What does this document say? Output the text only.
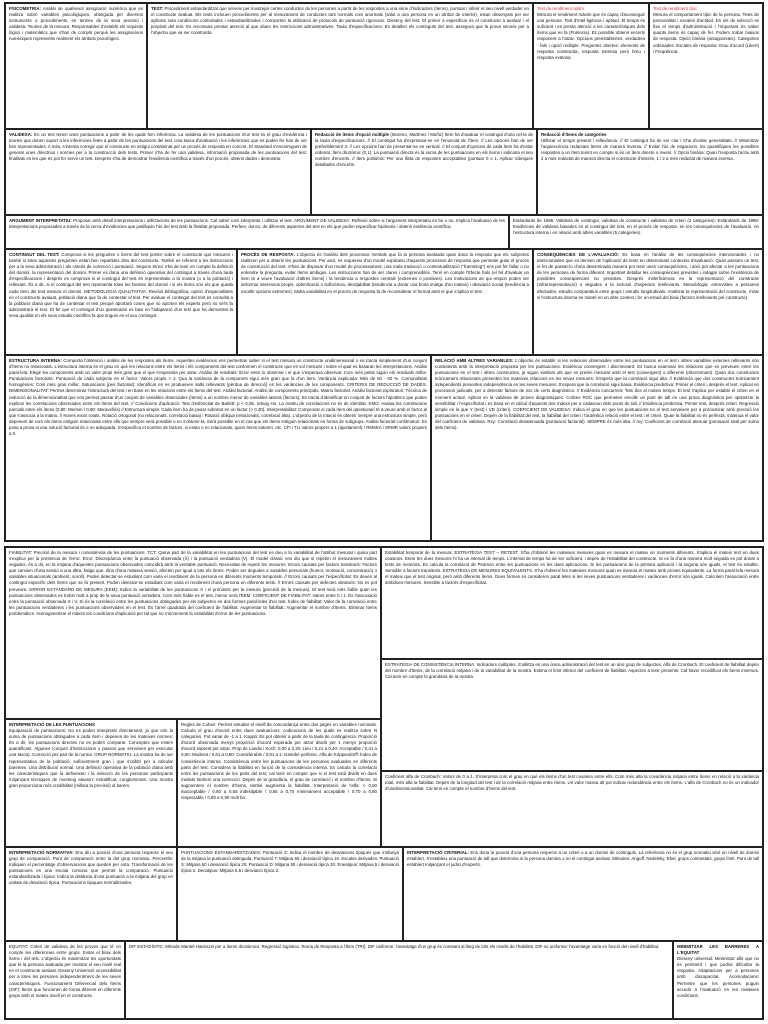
PSICOMETRIA: Anàlisi de qualsevol assignació numèrica que es realitza sobre variables psicològiques, obtinguda per diversos instruments o procediments, en termes de la seva precisió i validesa. Teories de la mesura: Responsables d'establir els requisits lògics i matemàtics que s'han de complir perquè les assignacions numèriques representin realment els atributs psicològics.
TEST: Procediment estandarditzat que serveix per mostrejar certes conductes de les persones a partir de les respostes a una sèrie d'indicadors (ítems), puntuar i inferir el seu nivell verdader en el constructe avaluat. Els tests inclouen procediments per al mesurament de conductes tant normals com anormals (salut a una persona en un atribut de interès), estan dissenyats per ser aplicats sota condicions controlades i estandarditzades i comporten la utilització de protocols de puntuació rigorosos. Disseny del test: El primer a especificar és el constructe a avaluar i el propòsit del test. Es recomana prestar atenció al que diuen les restriccions administratives. Taula d'especificacions: Es detallen els continguts del test, assegura que la prova serveix per a l'objectiu que va ser construïda.
Test de rendiment òptim
Mesura el rendiment màxim que és capaç d'aconseguir una persona. Test d'intel·ligència i aptitud. El temps és suficient i es presta atenció a les característiques dels ítems que es fa (Potència). Es possible obtenir encerts responent a l'atzar. Opcions preestablertes: verdadera - fals i opció múltiple. Preguntes obertes: elements de resposta construïda, resposta extensa però breu i resposta extensa.
Test de rendiment típic
Mesura el comportament típic de la persona. Tests de personalitat i escales d'actitud. En els de selecció es fixa el temps d'administració i l'important és saber quants ítems és capaç de fer. Podem trobar biaixos de resposta. Opció binària (antagonistes). Categories ordenades. Escales de resposta: Grau d'acord (Likert) i Freqüència.
VALIDESA: En un test tenen unes puntuacions a partir de les quals fem inferència. La validesa de les puntuacions d'un test és el grau d'evidència i teories que donen suport a les inferències fetes a partir de les puntuacions del test. Una tasca d'avaluació i les inferències que es poden fer han de ser ben representades. A més, s'intenta corregir que el constructe no estigui contaminat per un procés de resposta en concret. El Standard s'encarreguen de generar unes directrius i normes per a la construcció dels tests. Primer s'ha de fer una validesa, informació proposada de les puntuacions del test: finalitats en les que es pot fer servir un test. Després s'ha de demostrar l'evidència científica a través d'un procés, obtenir dades i demostrar.
Redacció de ítems d'opció múltiple (Moreno, Martínez i Muñiz) Ítem ha d'avaluar el contingut d'una cel·la de la taula d'especificacions. // El contingut ha d'expressar-se en l'enunciat de l'ítem. // Les opcions han de ser preferiblement 3. // Les opcions han de presentar-se en vertical. // El conjunt d'opcions de cada ítem ha d'estar ordenat. Ítem dicotòmic (0,1): La puntuació directa és la suma de les puntuacions en els ítems i indicaria el seu nombre d'encerts. // Ítem politòmic: Per una llista de respostes acceptables (puntuar 0 o 1. Aplicar rúbriques detallades d'encerts.
Redacció d'ítems de categories
Utilitzar el temps present i rellevància. // El contingut ha de ser clar i s'ha d'evitar generalitats. // Minimitzar l'aquiescència redactant ítems de manera inversa. // Evitar l'ús de negacions. Es quantifiquen les possibles respostes a un ítem tenint en compte si és un ítem directe o invers. // Opció binària: Quan l'resposta l'actiu amb 2 a més redactat de manera directa el constructe d'interès, 1 i 2 a més redactat de manera inversa.
ARGUMENT INTERPRETATIU: Proposar amb detall interpretacions i utilitzacions de les puntuacions. Cal saber com interpretar i utilitzar el test. ARGUMENT DE VALIDESA: Reflexió sobre si l'argument interpretatiu és bo o no. Implica l'avaluació de les interpretacions proposades a través de la cerca d'evidències que justifiquin l'ús del test amb la finalitat proposada. Perfeer, doncs, de diferents aspectes del test en els que poden especificar hipòtesis i obtenir evidència científica.
Estàndards de 1985: Validesa de contingut, validesa de constructe i validesa de criteri (3 categories). Estàndards de 1999: Evidències de validesa basades en el contingut del test, en el procés de resposta, en les consequències de l'avaluació, en l'estructura interna i en relació amb altres variables (5 categories).
CONTINGUT DEL TEST: Comprova si les preguntes o ítems del test porten sobre el constructe que mesuren i també si totes aquestes preguntes estan ben repartides dins del constructe. També es referent a les instruccions per a la seva administració i als criteris de correcció i puntuació. Segons Sireci s'ha de tenir en compte la definició del domini, la representació del domini. Primer es dona una definició operativa del contingut a través d'una taula d'especificacions i després es comprova si el contingut del test és representatiu a la mostra (o a la població) i rellevant. És a dir, si el contingut del test representa totes les facetes del domini i si els ítems són els que queda cada ítem del test mesura el domini. METODOLOGIA QUALITATIVA: Revisió bibliogràfica, opinió d'especialistes en el constructe avaluat, població diana que fa de contestar el test. Per avaluar el contingut del test es consulta a la població diana que ha de contestar el test perquè aportarà coses que no aporten els experts però no se'ls fa administrarà el test. El fet que el contingut d'un qüestionari es basi en l'adaptació d'un test que ha demostrat la seva qualitat en els seus estudis científics fa que tinguin en el seu contingut.
PROCÉS DE RESPOSTA: L'objectiu és l'anàlisi dels processos mentals que fa la persona avaluada quan dona la resposta que els subjectes realitzen per a obtenir les puntuacions. Per això, es requereix d'un model explicatiu d'aquests processos de resposta que permetin guiar el procés de construcció del test. S'han de disposar d'un model de processament, una mala traducció o contextualització ("framming") ens pot fer fallar o no entendre la pregunta, evitar ítems ambigus. Les instruccions han de ser clares i comprensibles. Tenir en compte l'Efecte halo (el fet d'avaluar un ítem té a veure l'avaluació d'altres ítems) i la tendència a respostes centrals (extremes o positives). Les motivacions de qui respon poden ser deformar interessos propis, optimització o suficiència, desitjabilitat (tendència a donar una bona imatge d'un mateix) i desviació social (tendència a escollir opcions extremes). Molta variabilitat en el procés de resposta fa de reconsiderar el format amb el que s'aplica el test.
CONSEQÜÈNCIES DE L'AVALUACIÓ: Es basa en l'anàlisi de les conseqüències intencionades i no intencionades que es deriven de l'aplicació de tests en determinats contextos d'avaluació. Quan passem un test, el fet de passar-lo d'una determinada manera pot tenir unes conseqüències, i això pot afectar a les puntuacions de les persones de forma diferent. Important detallar les conseqüències previstes i indagar sobre l'existència de possibles conseqüències no previstes. Després s'aferficiencia en la representació del constructe (Infrarrepresentació) o degudes a la inclusió d'aspectes irrellevants. Metodologia: entrevistes a persones afectades, estudis comparatius entre grups i estudis longitudinals. Analitzar la representació del constructe, mirar si l'estructura interna es manté en un altre context i fer un estudi del biaix (factors irrellevants pel constructe).
ESTRUCTURA INTERNA: Comporta l'obtenció i anàlisi de les respostes als ítems. Aquestes evidències ens permetran saber si el test mesura un constructe unidimensional o es tracta simplement d'un conjunt d'ítems no relacionats. L'estructura interna és el grau en què les relacions entre els ítems i els components del test conformen el constructe que es vol mesurar i sobre el qual es basaran les interpretacions. Anàlisi paral·lela: Elegir les components amb un valor propi més gran que el que s'esperaria per atzar. Anàlisi de resultats: Error entre lo observar i el que s'esperava observar. Com més petits siguin els residuals millor. Puntuacions factorials: Puntuació de cada subjecte en el factor. Valors propis > 1: Qua la variància de la component sigui més gran que la d'un ítem. Variància explicada: Més de 50 - 60 %. Comunalitats homogènies: Com més gran millor. Saturacions (pes factorial): Identificar en es produeixen salts rellevants (pèrdua de direcció) en les variàncies de les components. CRITERIS DE REDUCCIÓ DE DADES. DIMENSIONALITAT: Permet determinar l'estructura del test i en base en les relacions entre els ítems del test. Anàlisi factorial. Anàlisi de components principals. Matriu factorial. Anàlisi factorial exploratori: Tècnica de reducció de la dimensionalitat que ens permet passar d'un conjunt de variables observades (ítems) a un nombre menor de variables latents (factors). Es tracta d'identificar un conjunt de factors hipotètics que poden explicar les correlacions observades entre els ítems del test. // Condicions d'aplicació: Test d'esfericitat de Barlett: p < 0,05, rebuig Ho. La matriu de correlacions no és de identitat. KMO: Avalua les correlacions parcials entre els ítems (0,80: Meritori / 0,90: Meravellós) // Estructura simple: Cada ítem ha de pesar sobretot en un factor (> 0,30). Interpretabilitat: Comprovar si cada ítem del qüestionari té a veure amb el factor al que s'associa a la matriu. // Noves eixos rotats. Rotació ortogonal (no relacionats, correlació baixa) i Rotació obliqua (relacionats, correlació alta). L'objectiu de la rotació és obtenir sempre una estructura simple, però depenent de com els ítems estiguin relacionats entre ells que sempre serà possible o no s'obtenir-la. Serà possible en el cas que els ítems estiguin relacionats en forma de subgrups. Anàlisi factorial confirmatori: Es posa a prova si una solució factorial és o no adequada. S'especifica el nombre de factors, si estan o no relacionats, quins ítems saturen, etc. CFI i TLI valors propers a 1 (ajustament) / RMSEA i SRMR valors propers a 0.
RELACIÓ AMB ALTRES VARIABLES: L'objectiu és establir si les relacions observades entre les puntuacions en el test i altres variables externes rellevants són consistents amb la interpretació proposta per les puntuacions. Evidència convergent i discriminant: Es busca examinar les relacions que es preveuen entre les puntuacions en el test i altres constructes, ja siguin similars als que es pretén mesurar amb el test (convergent) o diferents (discriminant). Quan dos constructes teòricament relacionats presenten les mateixes relacions en les seves mesures: S'espera que la correlació sigui alta. // Evidència que dos constructes teòricament independents presenten independència en les seves mesures: S'espera que la correlació sigui baixa. Evidència predictiva: Primer el criteri i després el test. Aplicat en processos judicials, per a detectar factors de risc de certs diagnòstics. // Evidència concurrent: Tots dos al mateix temps. El test s'aplica per establir el criteri en el moment actual. Aplicat en la validesa de proves diagnòstiques. Corbes ROC que permeten escollir un punt de tall en una prova diagnòstica per optimitzar la sensibilitat i l'especificitat i es basa en el càlcul d'aquests dos índexs per a cadascun dels punts de tall. // Evidència predictiva. Primer test, després criteri. Regressió simple en la que Y (test) i VD (criteri). COEFICIENT DE VALIDESA: Indica el grau en que les puntuacions en el test serveixen per a pronosticar amb precisió les puntuacions en el criteri. Depèn de la fiabilitat del test, la fiabilitat del criteri i l'autèntica relació entre el test i el criteri. Quan la fiabilitat no és perfecta, s'atenua el valor del coeficient de validesa. Rxy: Correlació desatenuada (puntuació factorial). SEMPRE és més alta. // rxy: Coeficient de correlació atenuat (puntuació total per suma dels ítems).
FIABILITAT: Precisió de la mesura i consistència de les puntuacions. TCT: Quina part de la variabilitat en les puntuacions del test es deu a la variabilitat de l'atribut mesurat i quina part s'explica per la presència de l'error. Error: Discrepància entre la puntuació observada (X) i la puntuació verdadera (V). El model clàssic ens diu que si repetim el mesurament moltes vegades, és a dir, en la mitjana d'aquestes puntuacions observades coincidirà amb la veritable puntuació. Necessitat de repetir les mesures. Errors causats per factors transitoris: Factors que canvien d'una sessió a una altra, fatiga que, dins d'una mateixa sessió, afecten per igual a tots els ítems. Poden ser degudes a variables personals (humor, motivació, concentració) o variables situacionals (ambient, soroll). Poden detectar-se estudiant com varia el rendiment de la persona en diferents moments temporals. // Errors causats per l'especificitat: Es deuen al contingut específic dels ítems que se fa present. Poden detectar-se estudiant com varia el rendiment d'una persona en diferents tests. // Errors causats per defectes aleatoris: No es pot preveure. ERROR ESTÀNDARD DE MESURA (EEM): Indica la variabilitat de les puntuacions X i el pronòstic per la mesura (precisió de la mesura). El test serà més fiable quan les puntuacions observades es trobin molt a prop de la seva puntuació vertadera. Com més fiable es el test, menor serà l'EEM. COEFICIENT DE FIABILITAT: Valors entre 0 i 1. És l'associació entre la puntuació observada X i V. Si és la correlació entre les puntuacions obtingudes per els subjectes en dos formes paral·leles d'un test. Índex de fiabilitat: Valor de la correlació entre les puntuacions verdaderes i les puntuacions observades en el test. És l'arrel quadrada del coeficient de fiabilitat. Augmentar la fiabilitat: Augmentar el nombre d'ítems. Eliminar ítems problemàtics. Homogeneïtzar el màxim les condicions d'aplicació per tal que no s'incrementi la variabilitat d'error de les puntuacions.
Estabilitat temporal de la mesura: ESTRATÈGIA TEST – RETEST. S'ha d'obtenir les mateixes mesures quan es mesura el mateix en moments diferents. S'aplica el mateix test en dues ocasions. Entre les dues mesures hi ha un interval de temps. L'interval de temps ha de ser suficient, i depèn de l'estabilitat del constructe. Si es fa d'una manera molt seguida es pot donar a tests de memòria. Es calcula la correlació de Pearson entre les puntuacions en les dues aplicacions. Si les puntuacions de la primera aplicació i la segona són iguals, el test és estable. Sensible a factors transitoris. ESTRATÈGIA DE MESURES EQUIVALENTS. S'ha d'obtenir les mateixes mesures quan es mesura el mateix amb proves equivalents. La forma paral·lela mesura el mateix que el test original, però amb diferents ítems. Dues formes es consideren paral·leles si les seves puntuacions verdaderes i variàncies d'error són iguals. Calculem l'associació entre ambdues mesures. Sensible a factors d'especificitat.
ESTRATÈGIA DE CONSISTÈNCIA INTERNA: Indicadors múltiples. S'utilitza en una única administració del test en un únic grup de subjectes. Alfa de Cronbach. El coeficient de fiabilitat depèn del nombre d'ítems, de la correlació mitjana i de la variabilitat de la mostra. Estima el límit inferior del coeficient de fiabilitat. Aspectes a tenir presents: Cal haver recodificat els ítems inversos. Cal tenir en compte la grandària de la mostra.
INTERPRETACIÓ DE LES PUNTUACIONS
Equiparació de puntuacions: No es poden interpretar directament, ja que són la suma de puntuacions obtingudes a cada ítem i depenen de les mateixes normes. És a dir, les puntuacions directes no es poden comparar. Conceptes que estem quantificant. Algunes (conjunt d'instruccions o passos que serveixen per executar una tasca). Correcció per part de la norma. GRUP NORMATIU: La mostra ha de ser representativa de la població, suficientment gran i que s'utilitzi per a calcular baremes. Una distribució normal. Una definició operativa de la població diana amb les característiques que la defineixen i la selecció de les persones participants mitjançant tècniques de mostreig aleatori: estratificat, conglomerats. Una mostra gran proporciona més credibilitat (millora la precisió) al barem.
Regles de Cohen: Permet estudiar el nivell de concordança entre dos jutges en variables nominals. Calcula el grau d'acord entre dues avaluacions, codicacions de les quals es realitza sobre N categories. Pot variar de -1 a 1. Kappa: Es pot obtenir a partir de la taula de contingència. Proporció d'acord observada menys proporció d'acord esperada per atzar dividit per 1 menys proporció d'acord esperat per atzar. Prop de Landis i Koch: 0,00 a 0,20: Lleu / 0,21 a 0,40: Acceptable / 0,41 a 0,60: Moderat / 0,61 a 0,80: Considerable / 0,81 a 1: Gairebé perfecte. Alfa de Krippendorff: Índex de consistència interna. Consistència entre les puntuacions de les persones avaluades en diferents parts del test. Considera la fiabilitat en funció de la consistència interna. Es calcula la correlació entre les puntuacions de les parts del test; cal tenir en compte que si el test està dividit en dues meitats tindrem una correcció. Depèn de la grandària, el grau de correlació i el nombre d'ítems. Si augmentem el nombre d'ítems, també augmenta la fiabilitat. Interpretació de l'alfa: < 0,60 inacceptable / 0,60 a 0,65 indesitjable / 0,65 a 0,70 mínimament acceptable / 0,70 a 0,80 respectable / 0,80 a 0,90 molt bo.
Coeficient alfa de Cronbach: Valors de 0 a 1. S'interpreta com el grau en què els ítems d'un test covarien entre ells. Com més alta la covariància mitjana entre ítems en relació a la variància total, més alta la fiabilitat. Depèn de la longitud del test i de la correlació mitjana entre ítems. Un valor massa alt pot indicar redundància entre els ítems. L'alfa de Cronbach no és un indicador d'unidimensionalitat. Cal tenir en compte el nombre d'ítems del test.
INTERPRETACIÓ NORMATIVA: Ens diu a posició d'una persona respecte el seu grup de comparació. Punt de comparació entre la del grup normatiu. Percentils: Indiquen el percentatge d'observacions que queden per sota. Transformació de les puntuacions en una escala comuna que permet la comparació. Puntuació estandarditzada i típica: Indica la distància d'una puntuació a la mitjana del grup en unitats de desviació típica. Puntuacions típiques normalitzades.
PUNTUACIONS ESTANDARDITZADES: Puntuació Z: Indica el nombre de desviacions típiques que s'allunya de la mitjana la puntuació obtinguda. Puntuació T: Mitjana 50 i desviació típica 10. Escales derivades: Puntuació S: Mitjana 50 i desviació típica 20. Puntuació D: Mitjana 50 i desviació típica 20. Eneatipus: Mitjana 5 i desviació típica 2. Decatipus: Mitjana 5,5 i desviació típica 2.
INTERPRETACIÓ CRITERIAL: Ens dona la posició d'una persona respecte a un criteri o a un domini de continguts. La referència no és el grup normatiu sinó un nivell de domini establert. S'estableix una puntuació de tall que determina si la persona domina o no el contingut avaluat. Mètodes: Angoff, Nedelsky, Ebel, grups contrastats, grups límit. Punt de tall establert mitjançant el judici d'experts.
EQUITAT: Criteri de validesa de les proves que té en compte les diferències entre grups. Evitar el biaix dels ítems i del test. L'objectiu és maximitzar les oportunitats que té la persona avaluada per mostrar el seu nivell real en el constructe avaluat. Disseny Universal: accessibilitat per a totes les persones independentment de les seves característiques. Funcionament Diferencial dels Ítems (DIF): Ítems que funcionen de forma diferent en diferents grups amb el mateix nivell en el constructe.
DIF ESTADÍSTIC: Mètode Mantel-Haenszel per a ítems dicotòmics. Regressió logística. Teoria de Resposta a l'Ítem (TRI). DIF uniforme: l'avantatge d'un grup és constant al llarg de tots els nivells de l'habilitat. DIF no uniforme: l'avantatge varia en funció del nivell d'habilitat.	MINIMITZAR LES BARRERES A L'EQUITAT
Disseny universal: Minimitzar allò que no és pertinent i que podria dificultar la resposta. Adaptacions per a persones amb discapacitat. Acomodacions: Permetre que les persones puguin accedir a l'avaluació en les mateixes condicions.
